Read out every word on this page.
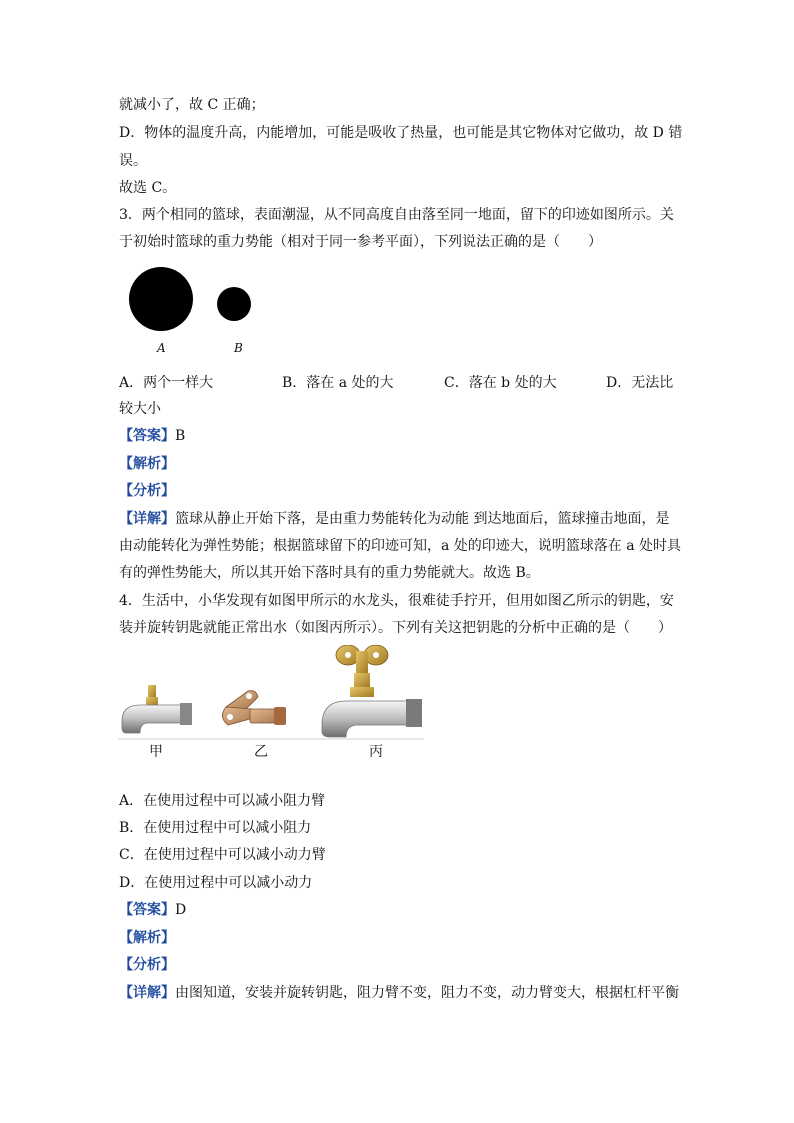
就减小了，故 C 正确；
D．物体的温度升高，内能增加，可能是吸收了热量，也可能是其它物体对它做功，故 D 错
误。
故选 C。
3．两个相同的篮球，表面潮湿，从不同高度自由落至同一地面，留下的印迹如图所示。关
于初始时篮球的重力势能（相对于同一参考平面），下列说法正确的是（　　）
A	B
A．两个一样大	B．落在 a 处的大	C．落在 b 处的大	D．无法比
较大小
【答案】B
【解析】
【分析】
【详解】篮球从静止开始下落，是由重力势能转化为动能 到达地面后，篮球撞击地面，是
由动能转化为弹性势能；根据篮球留下的印迹可知，a 处的印迹大，说明篮球落在 a 处时具
有的弹性势能大，所以其开始下落时具有的重力势能就大。故选 B。
4．生活中，小华发现有如图甲所示的水龙头，很难徒手拧开，但用如图乙所示的钥匙，安
装并旋转钥匙就能正常出水（如图丙所示）。下列有关这把钥匙的分析中正确的是（　　）
甲	乙	丙
A．在使用过程中可以减小阻力臂
B．在使用过程中可以减小阻力
C．在使用过程中可以减小动力臂
D．在使用过程中可以减小动力
【答案】D
【解析】
【分析】
【详解】由图知道，安装并旋转钥匙，阻力臂不变，阻力不变，动力臂变大，根据杠杆平衡
